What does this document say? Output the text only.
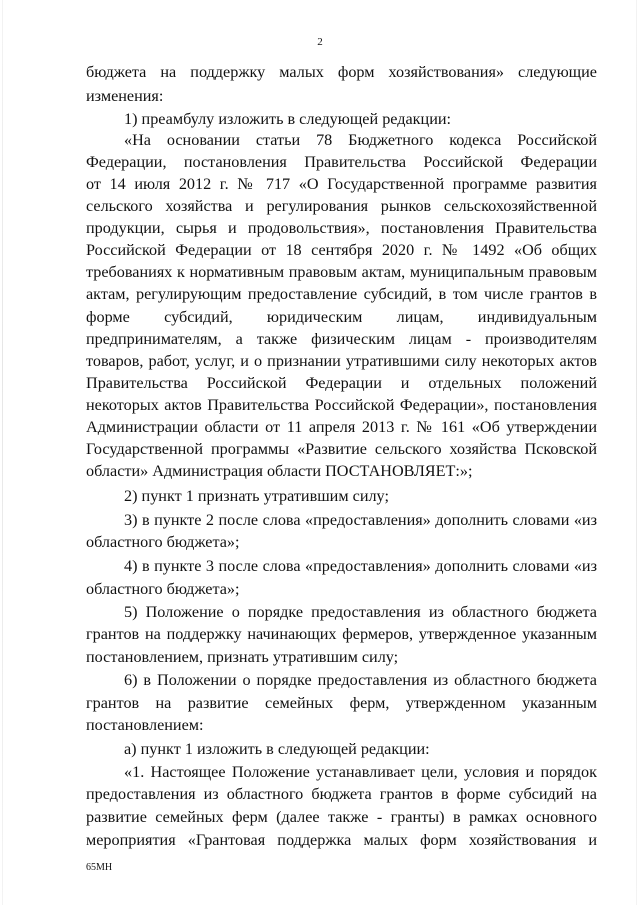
2
бюджета на поддержку малых форм хозяйствования» следующие
изменения:
1) преамбулу изложить в следующей редакции:
«На основании статьи 78 Бюджетного кодекса Российской
Федерации, постановления Правительства Российской Федерации
от 14 июля 2012 г. № 717 «О Государственной программе развития
сельского хозяйства и регулирования рынков сельскохозяйственной
продукции, сырья и продовольствия», постановления Правительства
Российской Федерации от 18 сентября 2020 г. № 1492 «Об общих
требованиях к нормативным правовым актам, муниципальным правовым
актам, регулирующим предоставление субсидий, в том числе грантов в
форме субсидий, юридическим лицам, индивидуальным
предпринимателям, а также физическим лицам - производителям
товаров, работ, услуг, и о признании утратившими силу некоторых актов
Правительства Российской Федерации и отдельных положений
некоторых актов Правительства Российской Федерации», постановления
Администрации области от 11 апреля 2013 г. № 161 «Об утверждении
Государственной программы «Развитие сельского хозяйства Псковской
области» Администрация области ПОСТАНОВЛЯЕТ:»;
2) пункт 1 признать утратившим силу;
3) в пункте 2 после слова «предоставления» дополнить словами «из
областного бюджета»;
4) в пункте 3 после слова «предоставления» дополнить словами «из
областного бюджета»;
5) Положение о порядке предоставления из областного бюджета
грантов на поддержку начинающих фермеров, утвержденное указанным
постановлением, признать утратившим силу;
6) в Положении о порядке предоставления из областного бюджета
грантов на развитие семейных ферм, утвержденном указанным
постановлением:
а) пункт 1 изложить в следующей редакции:
«1. Настоящее Положение устанавливает цели, условия и порядок
предоставления из областного бюджета грантов в форме субсидий на
развитие семейных ферм (далее также - гранты) в рамках основного
мероприятия «Грантовая поддержка малых форм хозяйствования и
65МН
